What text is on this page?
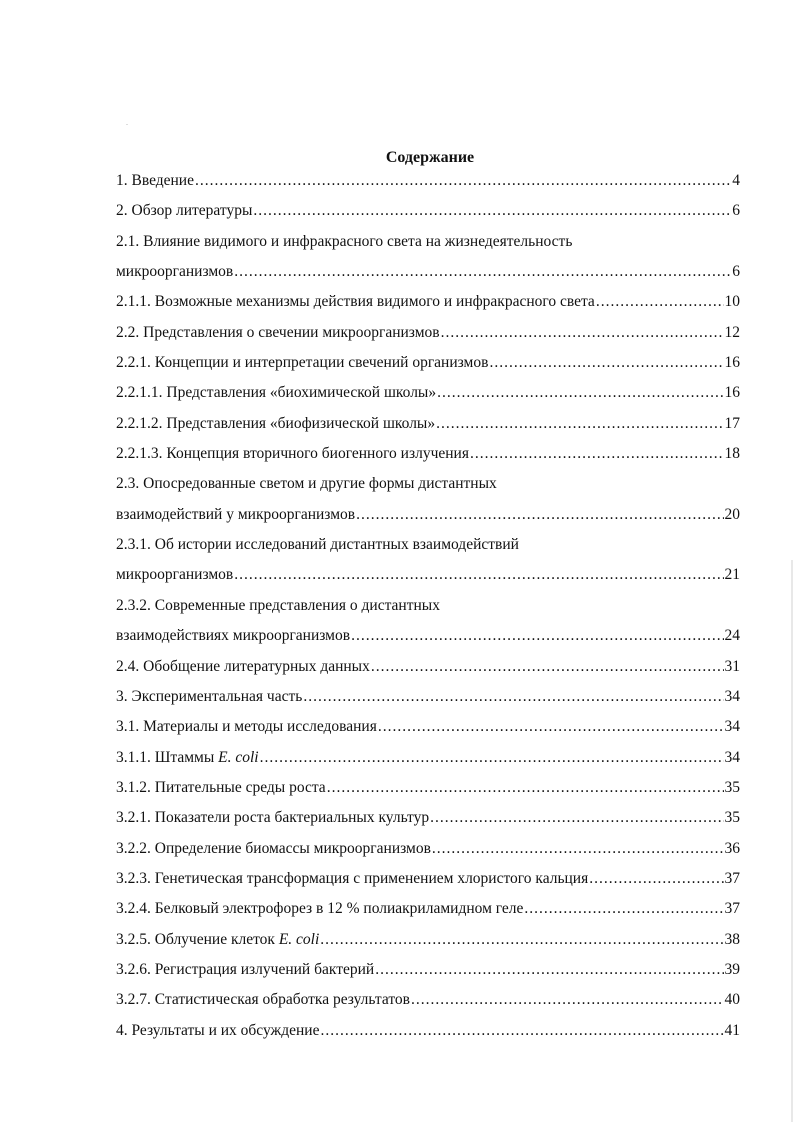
Содержание
1. Введение .....	4
2. Обзор литературы .....	6
2.1. Влияние видимого и инфракрасного света на жизнедеятельность
микроорганизмов .....	6
2.1.1. Возможные механизмы действия видимого и инфракрасного света .....	10
2.2. Представления о свечении микроорганизмов .....	12
2.2.1. Концепции и интерпретации свечений организмов .....	16
2.2.1.1. Представления «биохимической школы» .....	16
2.2.1.2. Представления «биофизической школы» .....	17
2.2.1.3. Концепция вторичного биогенного излучения .....	18
2.3. Опосредованные светом и другие формы дистантных
взаимодействий у микроорганизмов .....	20
2.3.1. Об истории исследований дистантных взаимодействий
микроорганизмов .....	21
2.3.2. Современные представления о дистантных
взаимодействиях микроорганизмов .....	24
2.4. Обобщение литературных данных .....	31
3. Экспериментальная часть .....	34
3.1. Материалы и методы исследования .....	34
3.1.1. Штаммы E. coli .....	34
3.1.2. Питательные среды роста .....	35
3.2.1. Показатели роста бактериальных культур .....	35
3.2.2. Определение биомассы микроорганизмов .....	36
3.2.3. Генетическая трансформация с применением хлористого кальция .....	37
3.2.4. Белковый электрофорез в 12 % полиакриламидном геле .....	37
3.2.5. Облучение клеток E. coli .....	38
3.2.6. Регистрация излучений бактерий .....	39
3.2.7. Статистическая обработка результатов .....	40
4. Результаты и их обсуждение .....	41
